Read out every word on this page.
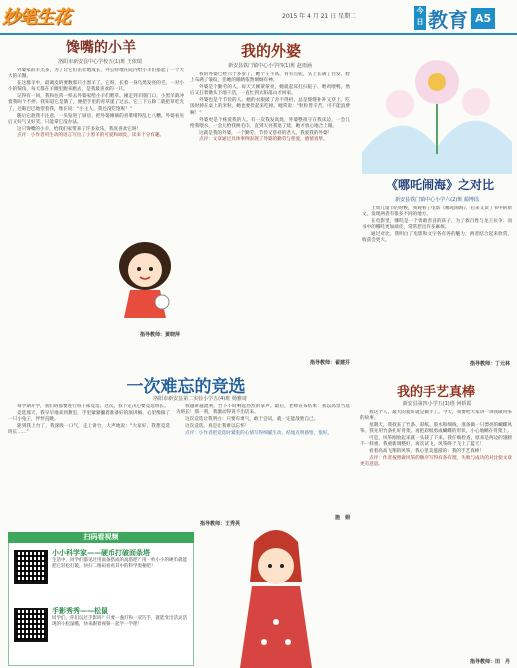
妙笔生花	2015 年 4 月 21 日 星期二
今日 教育 A5
馋嘴的小羊
洛阳市新安县中心学校五(1)班 王依瑞

外婆家的羊羔多，为了让它们茁壮地成长，外公特地在院内给小羊们搭起了一个大大的羊圈。

在这群羊中，最调皮的要数那只小黑羊了。它呀，长着一身乌黑发亮的毛，一对小小的犄角，每天都在羊圈里跑来跑去，是我最喜欢的一只。

记得有一回，我和往常一样去外婆家给小羊们喂草。刚走到羊圈门口，小黑羊就冲着我叫个不停。我知道它是饿了，便把手里的青草递了过去。它三下五除二就把草吃光了，还眼巴巴地望着我，像在说：“小主人，我还没吃饱呢！”

随后它趁我不注意，一头钻进了厨房，把外婆刚摘的青菜啃得乱七八糟。外婆看见后又好气又好笑，只能拿它没办法。

这只馋嘴的小羊，给我们家带来了许多欢乐，我真喜欢它呀！

点评：小作者用生动的语言写出了小黑羊的可爱和顽皮，读来十分有趣。

指导教师：黄晓萍
我的外婆
新安县铁门镇中心小学四(1)班 赵雨涵

我的外婆已经六十多岁了，她个子不高，背有点驼，头上长满了白发，脸上布满了皱纹，但她的眼睛依然炯炯有神。

外婆是个勤劳的人。每天天刚蒙蒙亮，她就起床打扫院子、喂鸡喂鸭，然后又扛着锄头下地干活，一直忙到太阳落山才回家。

外婆也是个节俭的人。她的衣服破了舍不得扔，总是缝缝补补又穿上。吃饭时掉在桌上的米粒，她也要捡起来吃掉。她常说：“粒粒皆辛苦，可不能浪费啊！”

外婆更是个疼爱我的人。有一次我发高烧，外婆整夜守在我床边，一会儿给我喂水，一会儿给我换毛巾，直到天亮我退了烧，她才放心地合上眼。

这就是我的外婆，一个勤劳、节俭又慈祥的老人。我爱我的外婆！

点评：文章通过具体事例表现了外婆的勤劳与慈爱，感情真挚。

指导教师：翟建芬
《哪吒闹海》之对比
新安县铁门镇中心小学六(2)班 蔺博瑶

上周儿童节的时候，我观看了电影《哪吒闹海》，后来又读了书中的原文，发现两者有很多不同的地方。

在电影里，哪吒是一个勇敢善良的孩子，为了救百姓与龙王抗争；而书中的哪吒更加顽皮，常常惹出许多麻烦。

通过对比，我明白了电影和文字各有各的魅力，两者结合起来欣赏，收获会更大。

指导教师：丁元林
一次难忘的竞选
洛阳市新安县第二实验小学五(4)班 杨雅琦

每学期开学，我们班都要进行班干部竞选。这次，我下定决心要竞选班长。

竞选那天，我早早地来到教室，手里紧紧攥着准备好的演讲稿，心里像揣了一只小兔子，怦怦直跳。

轮到我上台了，我深吸一口气，走上讲台，大声地说：“大家好，我想竞选班长……”

我越讲越流利，台下不时响起热烈的掌声。最后，老师宣布结果：我以高票当选为班长！那一刻，我激动得说不出话来。

这次竞选让我明白：只要有勇气，敢于尝试，就一定能战胜自己。

这次竞选，真是让我难以忘怀！

点评：小作者把竞选时紧张的心情写得细腻生动，结尾点明感悟，很好。

指导教师：王秀英
施　娟
我的手艺真棒
新安县第四小学五(1)班 何娇霞

我这个人，最大的爱好就是做手工。今天，我要给大家讲一讲我做风筝的故事。

星期天，我找来了竹条、彩纸、胶水和细线，准备做一只漂亮的蝴蝶风筝。我先用竹条扎好骨架，再把彩纸剪成蝴蝶的形状，小心地糊在骨架上。

可是，风筝刚放起来就一头栽了下来。我仔细检查，原来是两边的翅膀不一样重。我重新调整好，再次试飞，风筝终于飞上了蓝天！

看着高高飞翔的风筝，我心里美滋滋的：我的手艺真棒！

点评：作者按照做风筝的顺序写得有条有理，失败与成功的对比使文章更有意思。

指导教师：田　丹
扫码看视频
小小科学家——硬币打破面条塔
生活中，同学们都见过用面条搭成的高塔吧？用一枚小小的硬币就能把它轻松打破，快扫二维码看看其中的科学奥秘吧！
手影秀秀——松鼠
同学们，你们玩过手影吗？只要一盏灯和一双巧手，就能变出活灵活现的小松鼠哦，快来跟着视频一起学一学吧！
